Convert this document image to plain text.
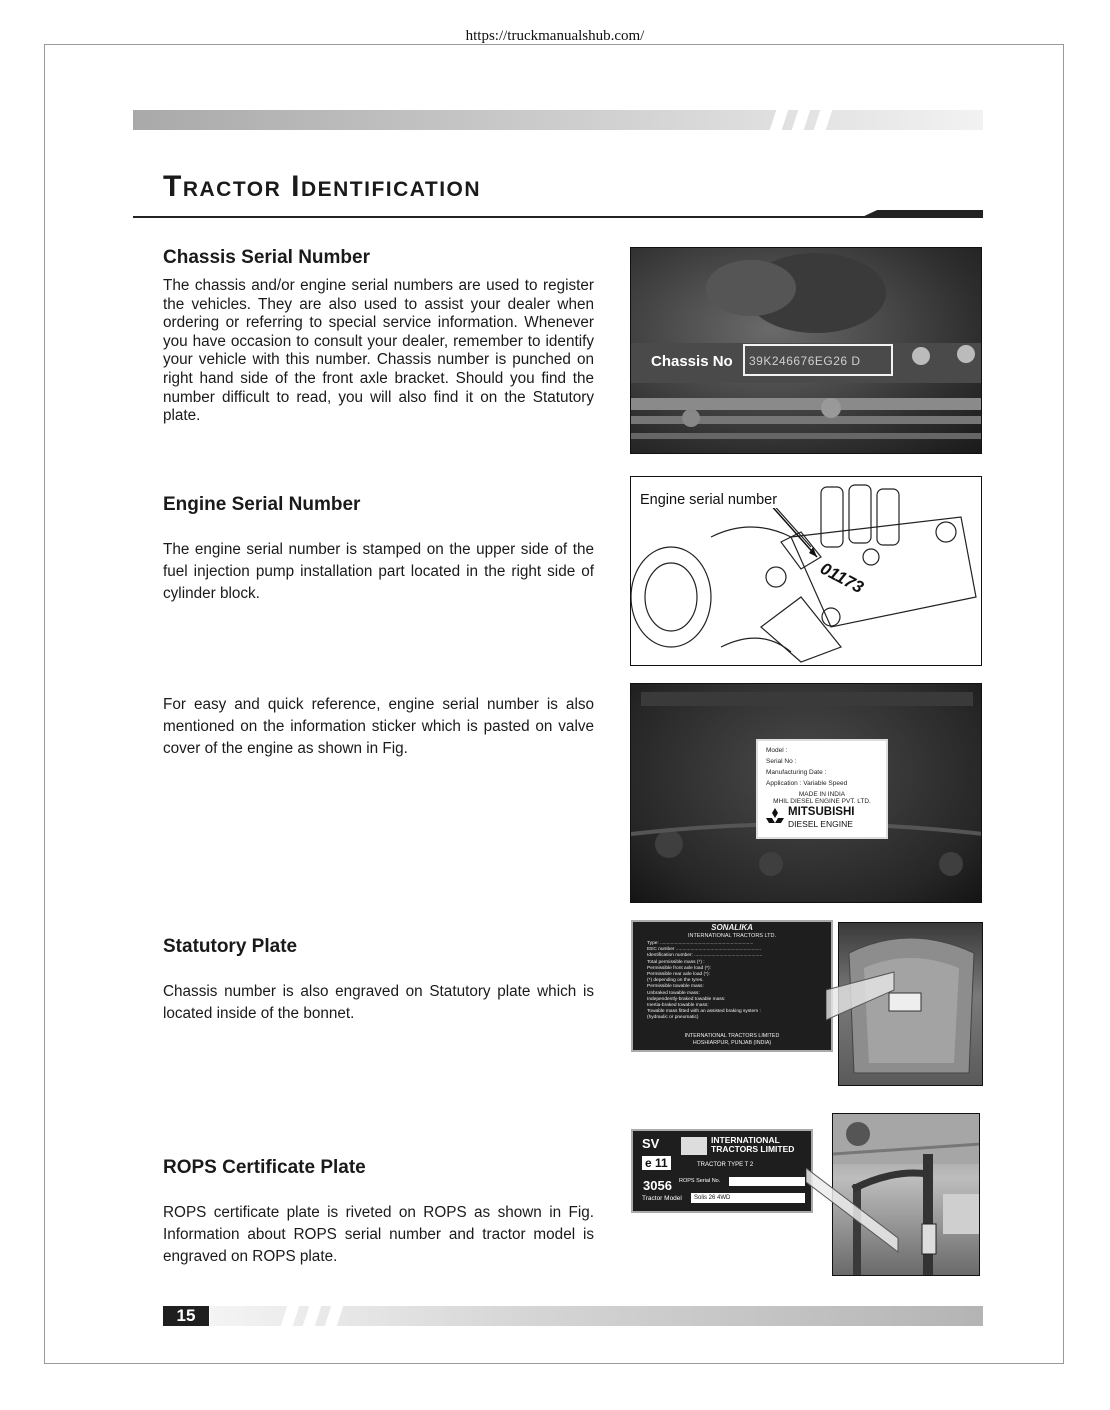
https://truckmanualshub.com/
Tractor Identification
Chassis Serial Number
The chassis and/or engine serial numbers are used to register the vehicles. They are also used to assist your dealer when ordering or referring to special service information. Whenever you have occasion to consult your dealer, remember to identify your vehicle with this number. Chassis number is punched on right hand side of the front axle bracket. Should you find the number difficult to read, you will also find it on the Statutory plate.
Chassis No 39K246676EG26 D
Engine Serial Number
The engine serial number is stamped on the upper side of the fuel injection pump installation part located in the right side of cylinder block.	01173
Engine serial number
For easy and quick reference, engine serial number is also mentioned on the information sticker which is pasted on valve cover of the engine as shown in Fig.	Model :
Serial No :
Manufacturing Date :
Application : Variable Speed
MADE IN INDIA
MHIL DIESEL ENGINE PVT. LTD.
MITSUBISHI
DIESEL ENGINE
Statutory Plate
Chassis number is also engraved on Statutory plate which is located inside of the bonnet.
SONALIKA
INTERNATIONAL TRACTORS LTD.
Type: ......................................................................
EEC number ................................................................
Identification number: ...................................................
Total permissible mass (*) :
Permissible front axle load (*):
Permissible rear axle load (*):
(*) depending on the tyres.
Permissible towable mass:
Unbraked towable mass:
Independently-braked towable mass:
Inertia-braked towable mass:
Towable mass fitted with an assisted braking system :
(hydraulic or pneumatic)
INTERNATIONAL TRACTORS LIMITED
HOSHIARPUR, PUNJAB (INDIA)
ROPS Certificate Plate
ROPS certificate plate is riveted on ROPS as shown in Fig. Information about ROPS serial number and tractor model is engraved on ROPS plate.
SV
e 11
3056
INTERNATIONAL
TRACTORS LIMITED
TRACTOR TYPE T 2
ROPS Serial No.
Tractor Model	Solis 26 4WD
15
